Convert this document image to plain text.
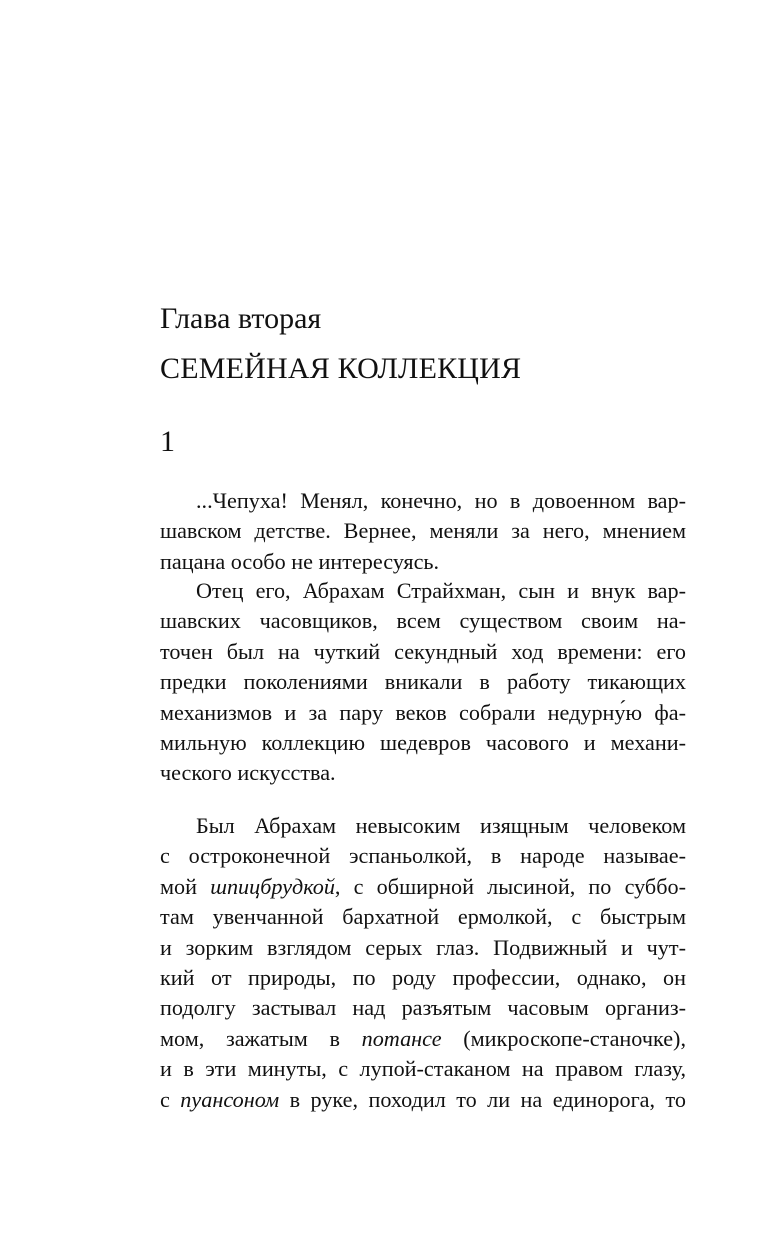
Глава вторая
СЕМЕЙНАЯ КОЛЛЕКЦИЯ
1
...Чепуха! Менял, конечно, но в довоенном вар-
шавском детстве. Вернее, меняли за него, мнением
пацана особо не интересуясь.
Отец его, Абрахам Страйхман, сын и внук вар-
шавских часовщиков, всем существом своим на-
точен был на чуткий секундный ход времени: его
предки поколениями вникали в работу тикающих
механизмов и за пару веков собрали недурну́ю фа-
мильную коллекцию шедевров часового и механи-
ческого искусства.
Был Абрахам невысоким изящным человеком
с остроконечной эспаньолкой, в народе называе-
мой шпицбрудкой, с обширной лысиной, по суббо-
там увенчанной бархатной ермолкой, с быстрым
и зорким взглядом серых глаз. Подвижный и чут-
кий от природы, по роду профессии, однако, он
подолгу застывал над разъятым часовым организ-
мом, зажатым в потансе (микроскопе-станочке),
и в эти минуты, с лупой-стаканом на правом глазу,
с пуансоном в руке, походил то ли на единорога, то
